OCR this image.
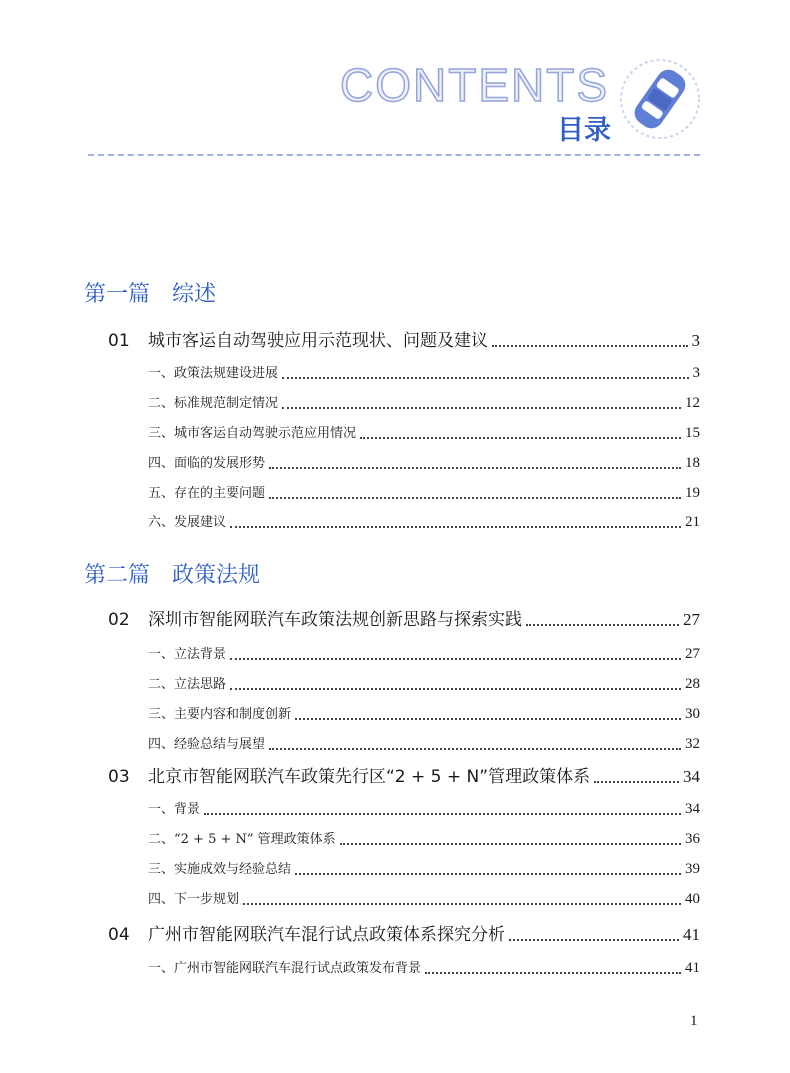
CONTENTS
目录
第一篇 综述
01	城市客运自动驾驶应用示范现状、问题及建议	3
一、政策法规建设进展	3
二、标准规范制定情况	12
三、城市客运自动驾驶示范应用情况	15
四、面临的发展形势	18
五、存在的主要问题	19
六、发展建议	21
第二篇 政策法规
02	深圳市智能网联汽车政策法规创新思路与探索实践	27
一、立法背景	27
二、立法思路	28
三、主要内容和制度创新	30
四、经验总结与展望	32
03	北京市智能网联汽车政策先行区“2 + 5 + N”管理政策体系	34
一、背景	34
二、“2 + 5 + N” 管理政策体系	36
三、实施成效与经验总结	39
四、下一步规划	40
04	广州市智能网联汽车混行试点政策体系探究分析	41
一、广州市智能网联汽车混行试点政策发布背景	41
1
